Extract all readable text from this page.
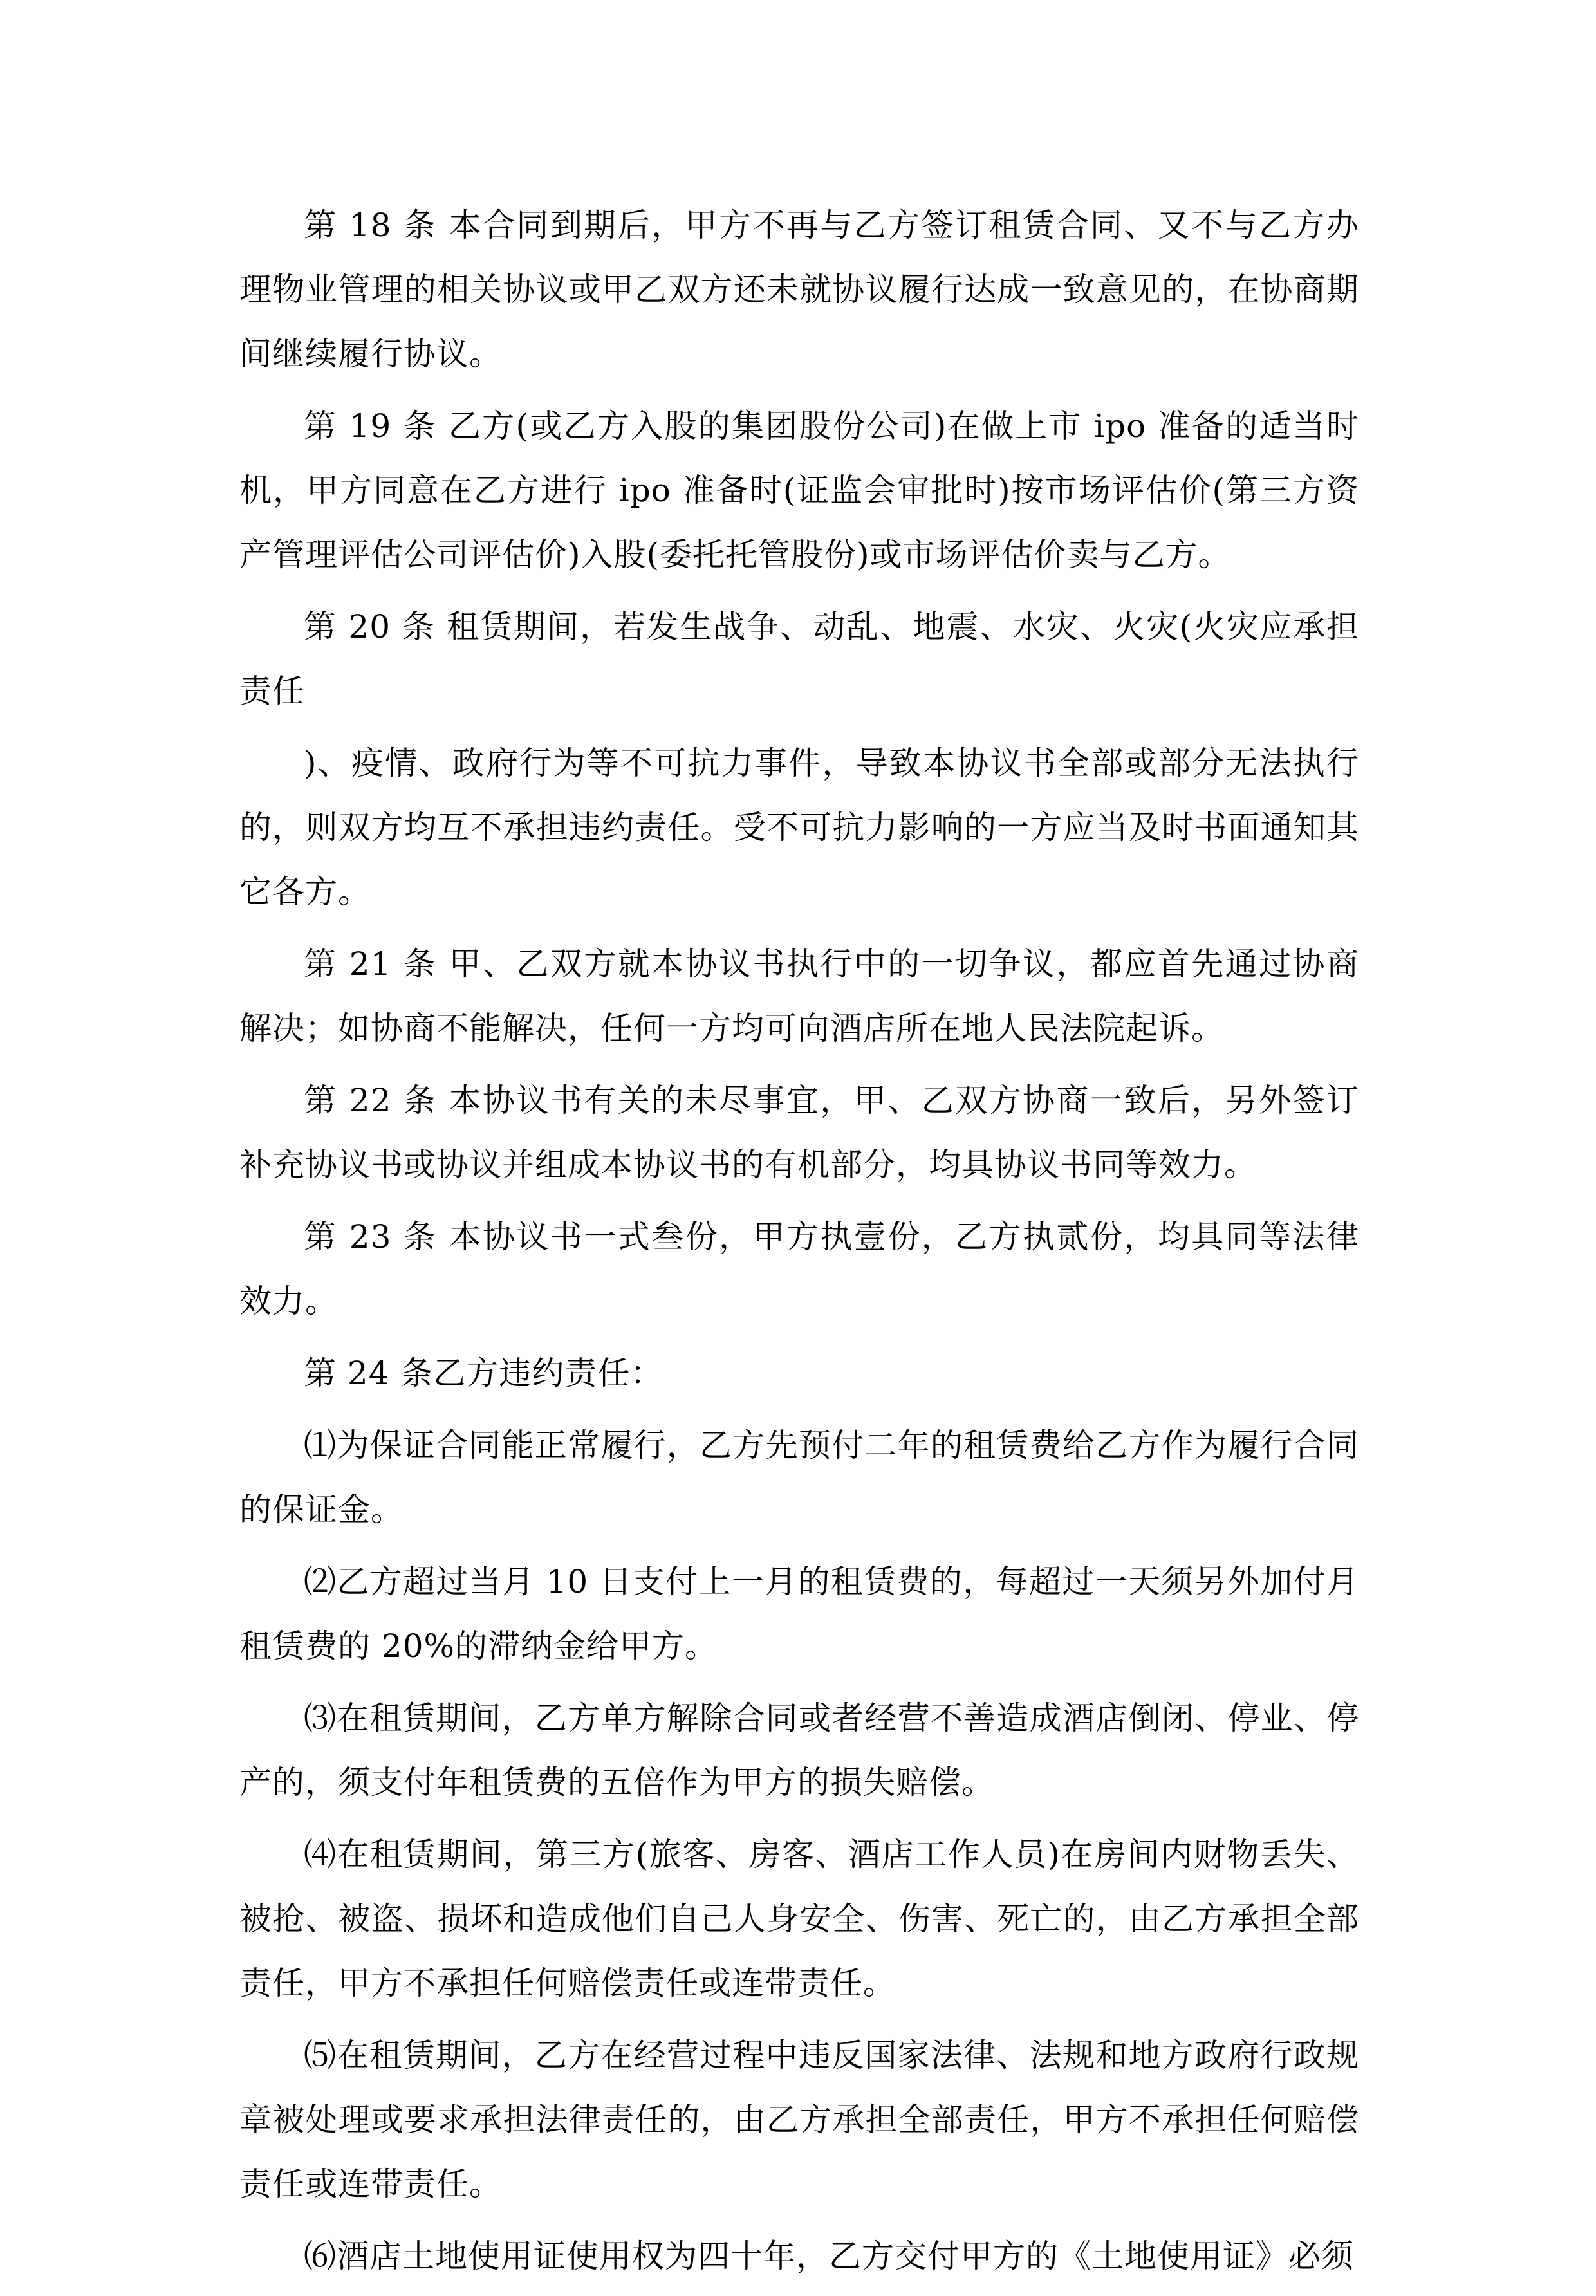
第 18 条 本合同到期后，甲方不再与乙方签订租赁合同、又不与乙方办理物业管理的相关协议或甲乙双方还未就协议履行达成一致意见的，在协商期间继续履行协议。

第 19 条 乙方(或乙方入股的集团股份公司)在做上市 ipo 准备的适当时机，甲方同意在乙方进行 ipo 准备时(证监会审批时)按市场评估价(第三方资产管理评估公司评估价)入股(委托托管股份)或市场评估价卖与乙方。

第 20 条 租赁期间，若发生战争、动乱、地震、水灾、火灾(火灾应承担责任

)、疫情、政府行为等不可抗力事件，导致本协议书全部或部分无法执行的，则双方均互不承担违约责任。受不可抗力影响的一方应当及时书面通知其它各方。

第 21 条 甲、乙双方就本协议书执行中的一切争议，都应首先通过协商解决；如协商不能解决，任何一方均可向酒店所在地人民法院起诉。

第 22 条 本协议书有关的未尽事宜，甲、乙双方协商一致后，另外签订补充协议书或协议并组成本协议书的有机部分，均具协议书同等效力。

第 23 条 本协议书一式叁份，甲方执壹份，乙方执贰份，均具同等法律效力。

第 24 条乙方违约责任：

⑴为保证合同能正常履行，乙方先预付二年的租赁费给乙方作为履行合同的保证金。

⑵乙方超过当月 10 日支付上一月的租赁费的，每超过一天须另外加付月租赁费的 20%的滞纳金给甲方。

⑶在租赁期间，乙方单方解除合同或者经营不善造成酒店倒闭、停业、停产的，须支付年租赁费的五倍作为甲方的损失赔偿。

⑷在租赁期间，第三方(旅客、房客、酒店工作人员)在房间内财物丢失、被抢、被盗、损坏和造成他们自己人身安全、伤害、死亡的，由乙方承担全部责任，甲方不承担任何赔偿责任或连带责任。

⑸在租赁期间，乙方在经营过程中违反国家法律、法规和地方政府行政规章被处理或要求承担法律责任的，由乙方承担全部责任，甲方不承担任何赔偿责任或连带责任。

⑹酒店土地使用证使用权为四十年，乙方交付甲方的《土地使用证》必须
